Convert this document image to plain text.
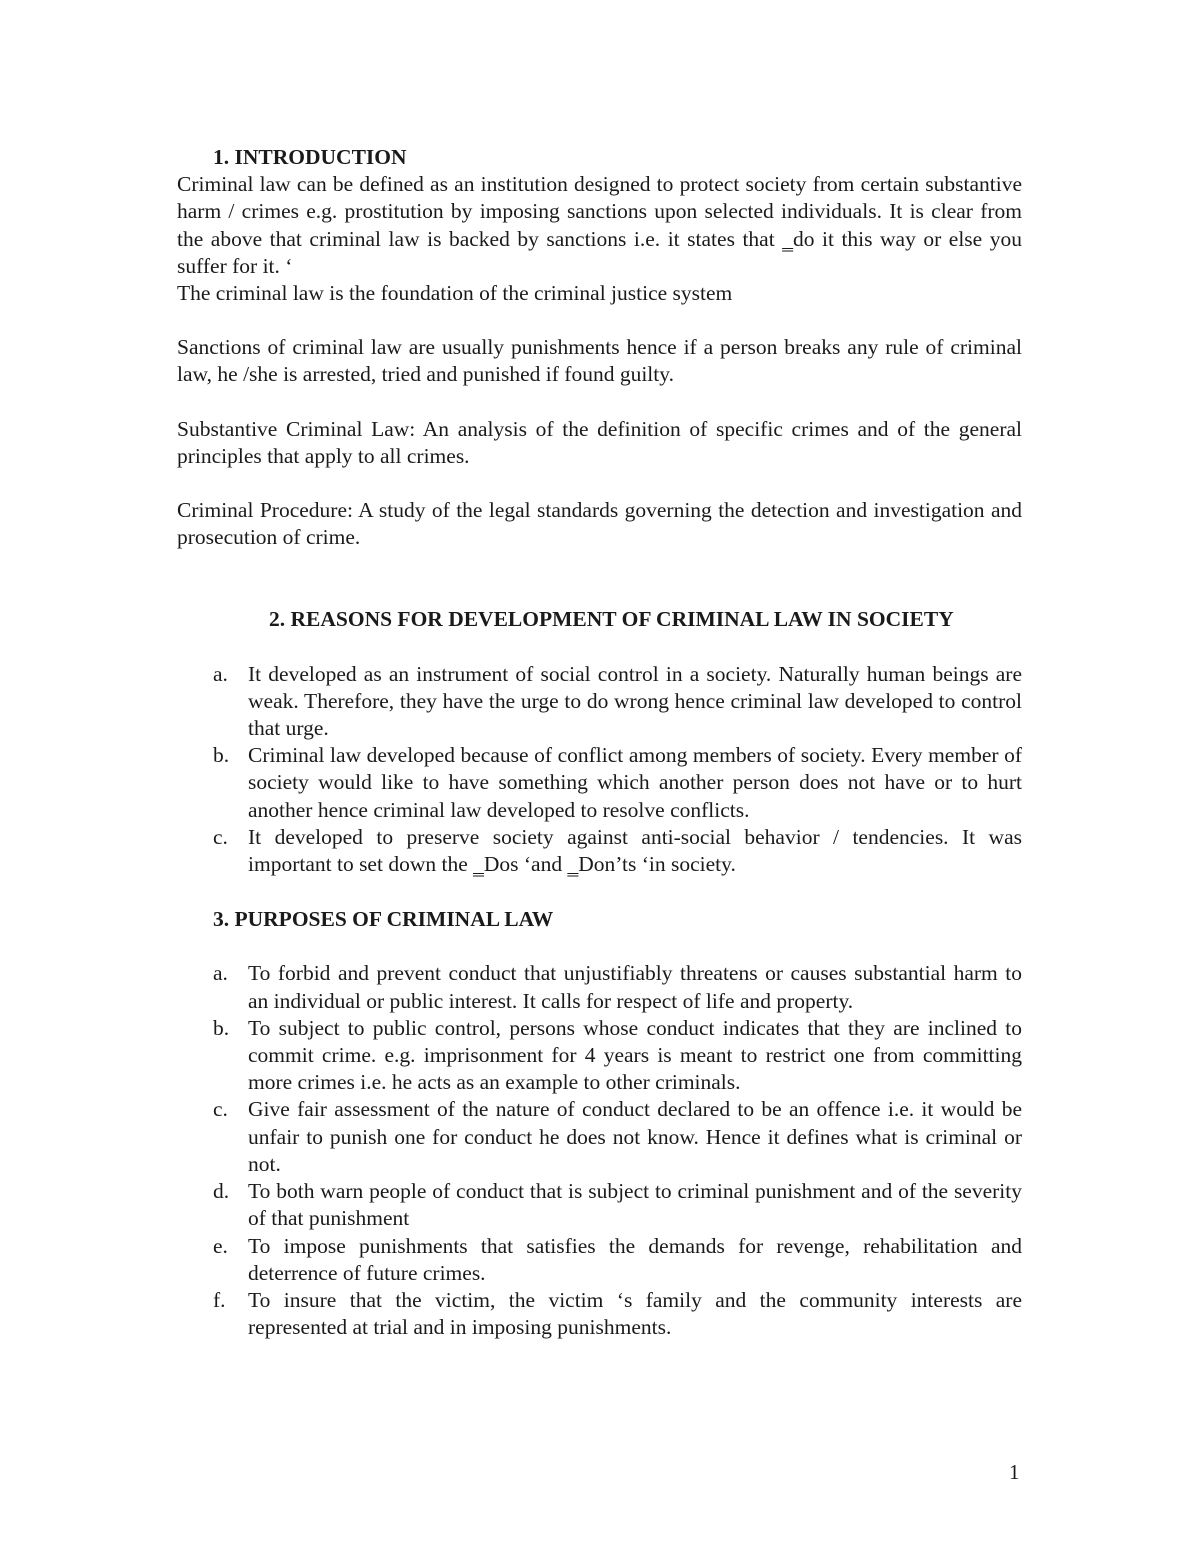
1. INTRODUCTION

Criminal law can be defined as an institution designed to protect society from certain substantive harm / crimes e.g. prostitution by imposing sanctions upon selected individuals. It is clear from the above that criminal law is backed by sanctions i.e. it states that ‗do it this way or else you suffer for it. ‘

The criminal law is the foundation of the criminal justice system

Sanctions of criminal law are usually punishments hence if a person breaks any rule of criminal law, he /she is arrested, tried and punished if found guilty.

Substantive Criminal Law: An analysis of the definition of specific crimes and of the general principles that apply to all crimes.

Criminal Procedure: A study of the legal standards governing the detection and investigation and prosecution of crime.

2. REASONS FOR DEVELOPMENT OF CRIMINAL LAW IN SOCIETY
a. It developed as an instrument of social control in a society. Naturally human beings are weak. Therefore, they have the urge to do wrong hence criminal law developed to control that urge.
b. Criminal law developed because of conflict among members of society. Every member of society would like to have something which another person does not have or to hurt another hence criminal law developed to resolve conflicts.
c. It developed to preserve society against anti-social behavior / tendencies. It was important to set down the ‗Dos ‘and ‗Don’ts ‘in society.
3. PURPOSES OF CRIMINAL LAW
a. To forbid and prevent conduct that unjustifiably threatens or causes substantial harm to an individual or public interest. It calls for respect of life and property.
b. To subject to public control, persons whose conduct indicates that they are inclined to commit crime. e.g. imprisonment for 4 years is meant to restrict one from committing more crimes i.e. he acts as an example to other criminals.
c. Give fair assessment of the nature of conduct declared to be an offence i.e. it would be unfair to punish one for conduct he does not know. Hence it defines what is criminal or not.
d. To both warn people of conduct that is subject to criminal punishment and of the severity of that punishment
e. To impose punishments that satisfies the demands for revenge, rehabilitation and deterrence of future crimes.
f. To insure that the victim, the victim ‘s family and the community interests are represented at trial and in imposing punishments.
1
